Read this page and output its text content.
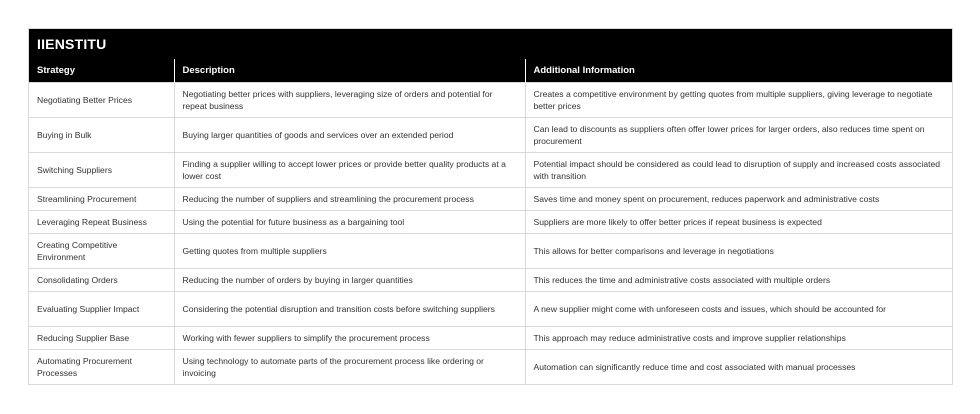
IIENSTITU
Strategy	Description	Additional Information
Negotiating Better Prices	Negotiating better prices with suppliers, leveraging size of orders and potential for repeat business	Creates a competitive environment by getting quotes from multiple suppliers, giving leverage to negotiate better prices
Buying in Bulk	Buying larger quantities of goods and services over an extended period	Can lead to discounts as suppliers often offer lower prices for larger orders, also reduces time spent on procurement
Switching Suppliers	Finding a supplier willing to accept lower prices or provide better quality products at a lower cost	Potential impact should be considered as could lead to disruption of supply and increased costs associated with transition
Streamlining Procurement	Reducing the number of suppliers and streamlining the procurement process	Saves time and money spent on procurement, reduces paperwork and administrative costs
Leveraging Repeat Business	Using the potential for future business as a bargaining tool	Suppliers are more likely to offer better prices if repeat business is expected
Creating Competitive Environment	Getting quotes from multiple suppliers	This allows for better comparisons and leverage in negotiations
Consolidating Orders	Reducing the number of orders by buying in larger quantities	This reduces the time and administrative costs associated with multiple orders
Evaluating Supplier Impact	Considering the potential disruption and transition costs before switching suppliers	A new supplier might come with unforeseen costs and issues, which should be accounted for
Reducing Supplier Base	Working with fewer suppliers to simplify the procurement process	This approach may reduce administrative costs and improve supplier relationships
Automating Procurement Processes	Using technology to automate parts of the procurement process like ordering or invoicing	Automation can significantly reduce time and cost associated with manual processes
